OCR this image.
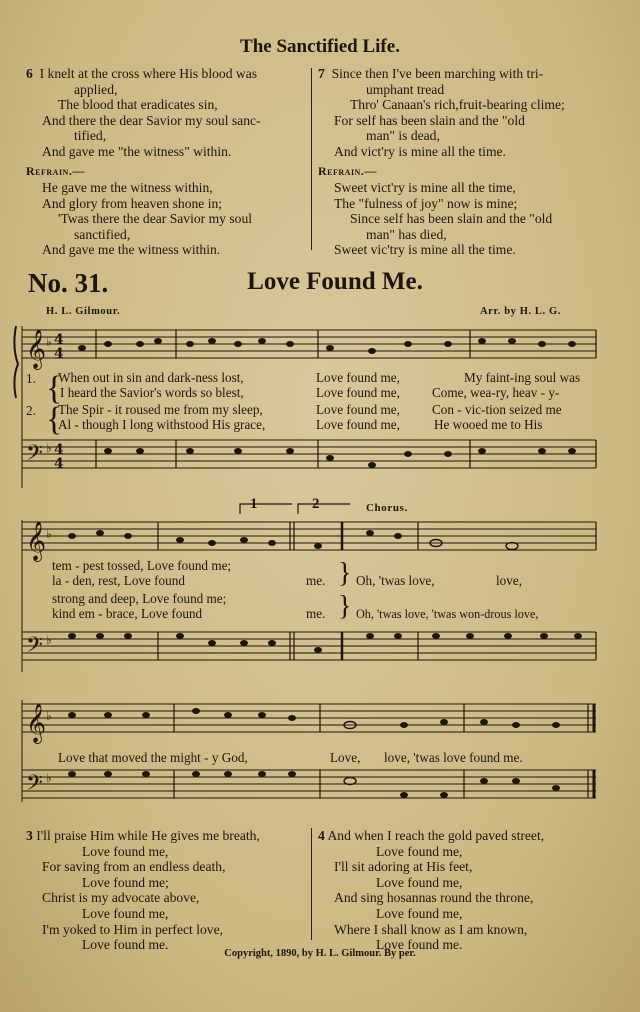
The Sanctified Life.
6 I knelt at the cross where His blood was
applied,
The blood that eradicates sin,
And there the dear Savior my soul sanc-
tified,
And gave me "the witness" within.
7 Since then I've been marching with tri-
umphant tread
Thro' Canaan's rich,fruit-bearing clime;
For self has been slain and the "old
man" is dead,
And vict'ry is mine all the time.
Refrain.—
He gave me the witness within,
And glory from heaven shone in;
'Twas there the dear Savior my soul
sanctified,
And gave me the witness within.
Refrain.—
Sweet vict'ry is mine all the time,
The "fulness of joy" now is mine;
Since self has been slain and the "old
man" has died,
Sweet vic'try is mine all the time.
No. 31.	Love Found Me.
H. L. Gilmour.	Arr. by H. L. G.
𝄞 ♭ 4
4
𝄢 ♭ 4
4
1.
2.
When out in sin and dark-ness lost,	Love found me,	My faint-ing soul was
I heard the Savior's words so blest,	Love found me, Come, wea-ry, heav - y-
The Spir - it roused me from my sleep,	Love found me, Con - vic-tion seized me
Al - though I long withstood His grace,	Love found me,	He wooed me to His
{
{
1	2	Chorus.
𝄞 ♭
𝄢 ♭
tem - pest tossed, Love found me;
la - den, rest, Love found	me. } Oh, 'twas love,	love,
strong and deep, Love found me;
kind em - brace, Love found	me. } Oh, 'twas love, 'twas won-drous love,
𝄞 ♭
𝄢 ♭
Love that moved the might - y God,	Love, love, 'twas love found me.
3 I'll praise Him while He gives me breath,
Love found me,
For saving from an endless death,
Love found me;
Christ is my advocate above,
Love found me,
I'm yoked to Him in perfect love,
Love found me.
4 And when I reach the gold paved street,
Love found me,
I'll sit adoring at His feet,
Love found me,
And sing hosannas round the throne,
Love found me,
Where I shall know as I am known,
Love found me.
Copyright, 1890, by H. L. Gilmour. By per.
